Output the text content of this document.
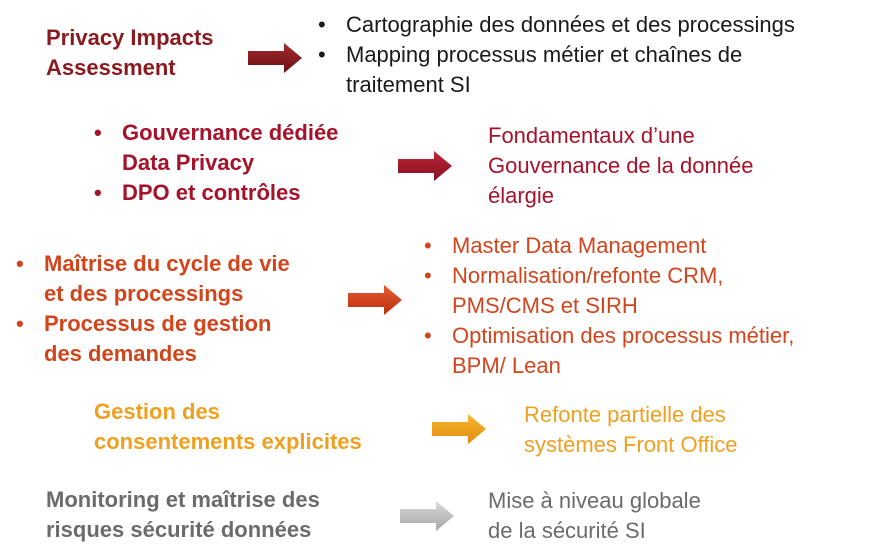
Privacy Impacts
Assessment
• Cartographie des données et des processings
• Mapping processus métier et chaînes de
traitement SI
• Gouvernance dédiée
Data Privacy
• DPO et contrôles
Fondamentaux d’une
Gouvernance de la donnée
élargie
• Maîtrise du cycle de vie
et des processings
• Processus de gestion
des demandes
• Master Data Management
• Normalisation/refonte CRM,
PMS/CMS et SIRH
• Optimisation des processus métier,
BPM/ Lean
Gestion des
consentements explicites
Refonte partielle des
systèmes Front Office
Monitoring et maîtrise des
risques sécurité données
Mise à niveau globale
de la sécurité SI
